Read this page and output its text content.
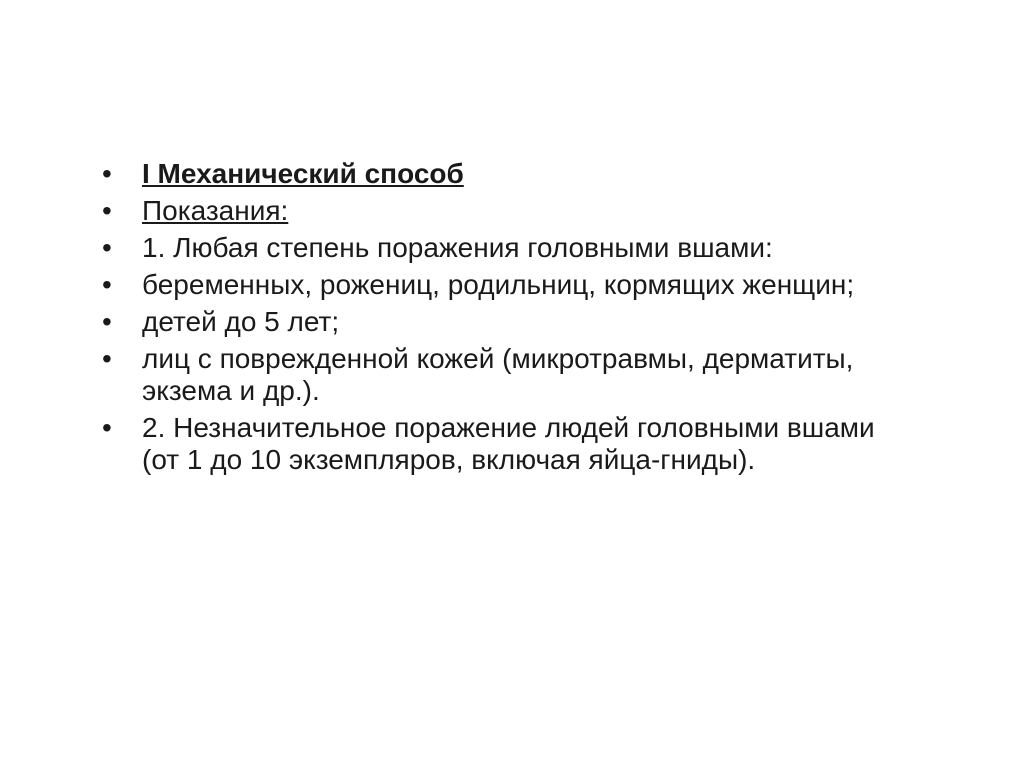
•	I Механический способ
•	Показания:
•	1. Любая степень поражения головными вшами:
•	беременных, рожениц, родильниц, кормящих женщин;
•	детей до 5 лет;
•	лиц с поврежденной кожей (микротравмы, дерматиты, экзема и др.).
•	2. Незначительное поражение людей головными вшами (от 1 до 10 экземпляров, включая яйца-гниды).
